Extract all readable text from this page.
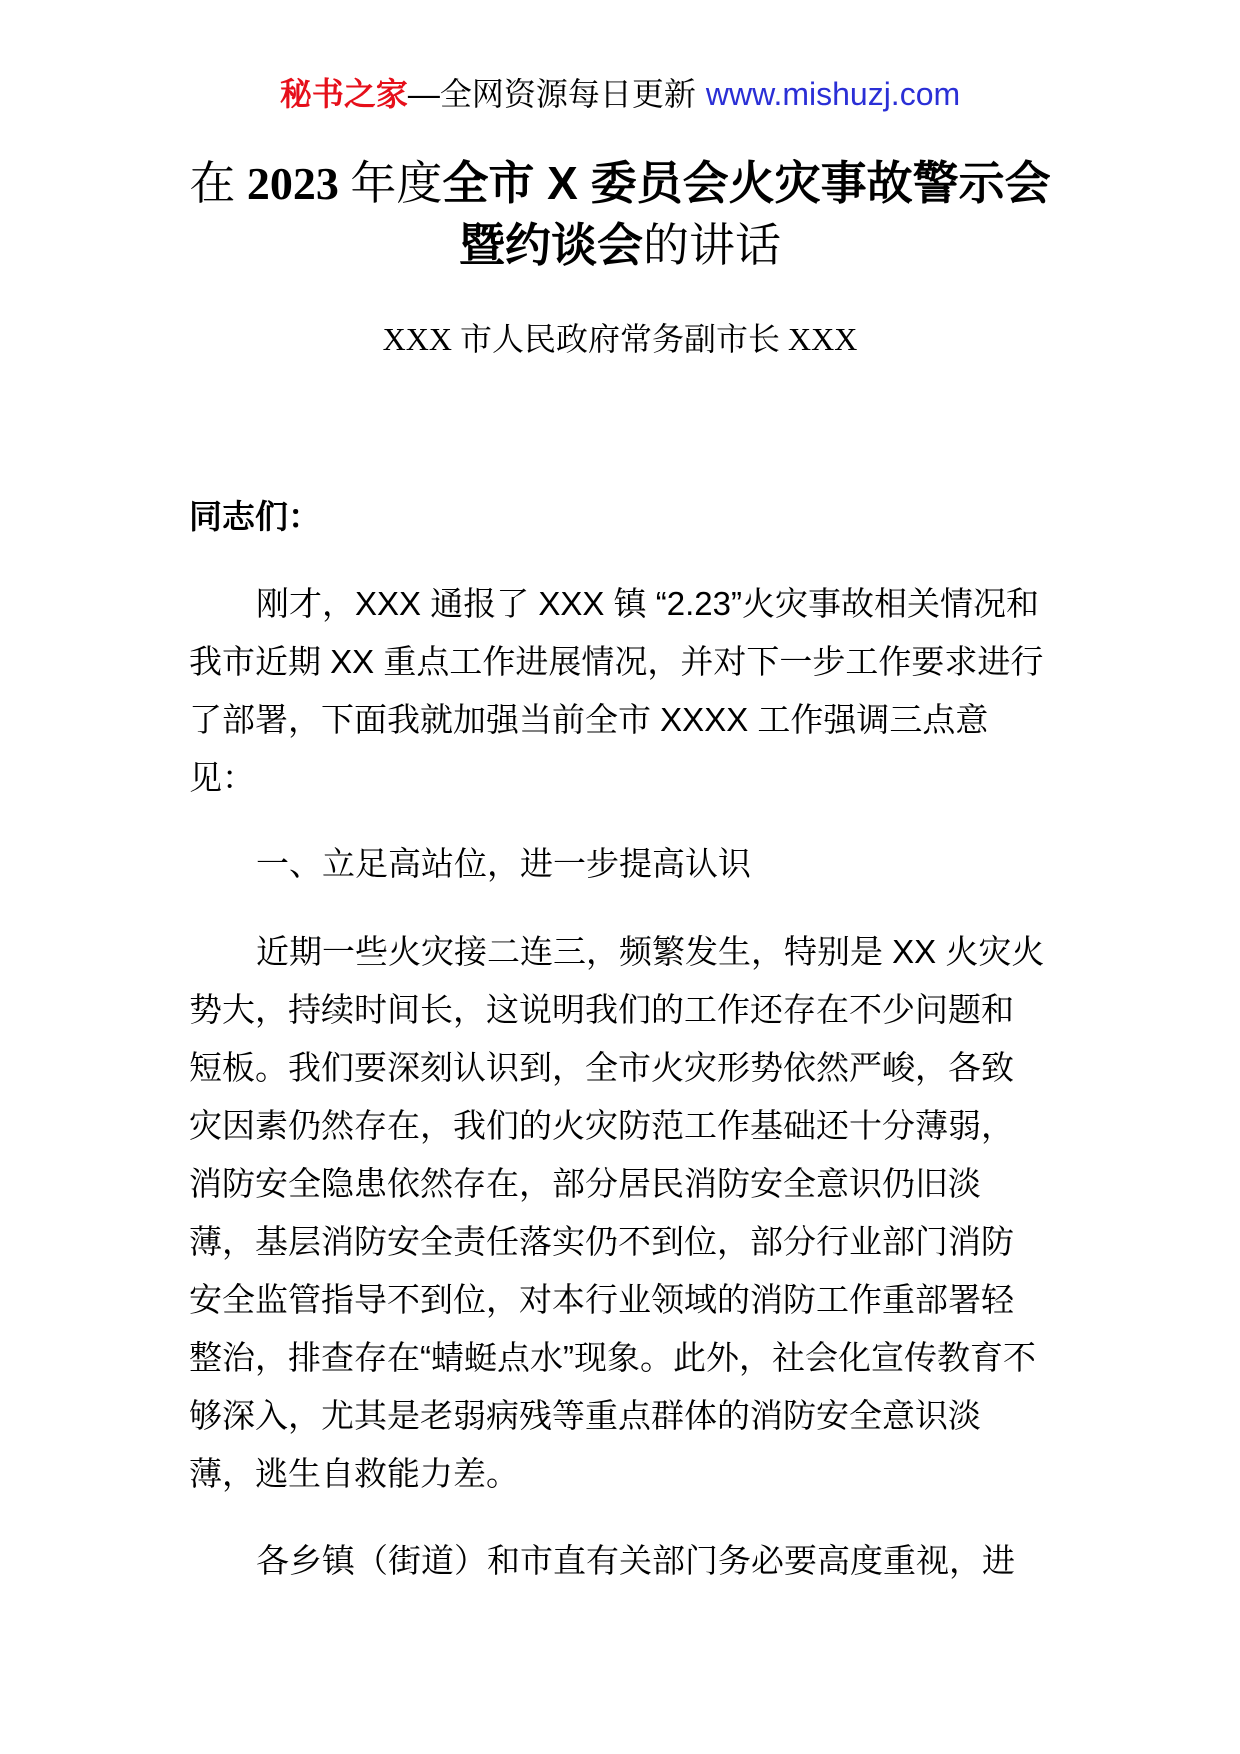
秘书之家—全网资源每日更新 www.mishuzj.com
在 2023 年度全市 X 委员会火灾事故警示会
暨约谈会的讲话
XXX 市人民政府常务副市长 XXX
同志们：
刚才，XXX 通报了 XXX 镇 “2.23”火灾事故相关情况和
我市近期 XX 重点工作进展情况，并对下一步工作要求进行
了部署，下面我就加强当前全市 XXXX 工作强调三点意
见：
一、立足高站位，进一步提高认识
近期一些火灾接二连三，频繁发生，特别是 XX 火灾火
势大，持续时间长，这说明我们的工作还存在不少问题和
短板。我们要深刻认识到，全市火灾形势依然严峻，各致
灾因素仍然存在，我们的火灾防范工作基础还十分薄弱，
消防安全隐患依然存在，部分居民消防安全意识仍旧淡
薄，基层消防安全责任落实仍不到位，部分行业部门消防
安全监管指导不到位，对本行业领域的消防工作重部署轻
整治，排查存在“蜻蜓点水”现象。此外，社会化宣传教育不
够深入，尤其是老弱病残等重点群体的消防安全意识淡
薄，逃生自救能力差。
各乡镇（街道）和市直有关部门务必要高度重视，进
